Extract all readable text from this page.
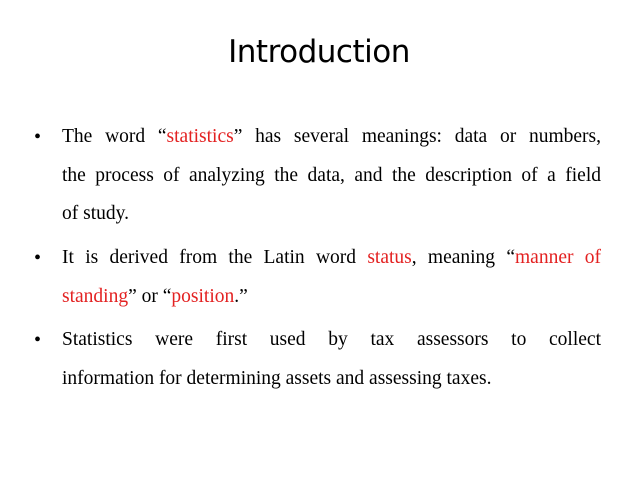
Introduction
• The word “statistics” has several meanings: data or numbers,
the process of analyzing the data, and the description of a field
of study.
• It is derived from the Latin word status, meaning “manner of
standing” or “position.”
• Statistics were first used by tax assessors to collect
information for determining assets and assessing taxes.
